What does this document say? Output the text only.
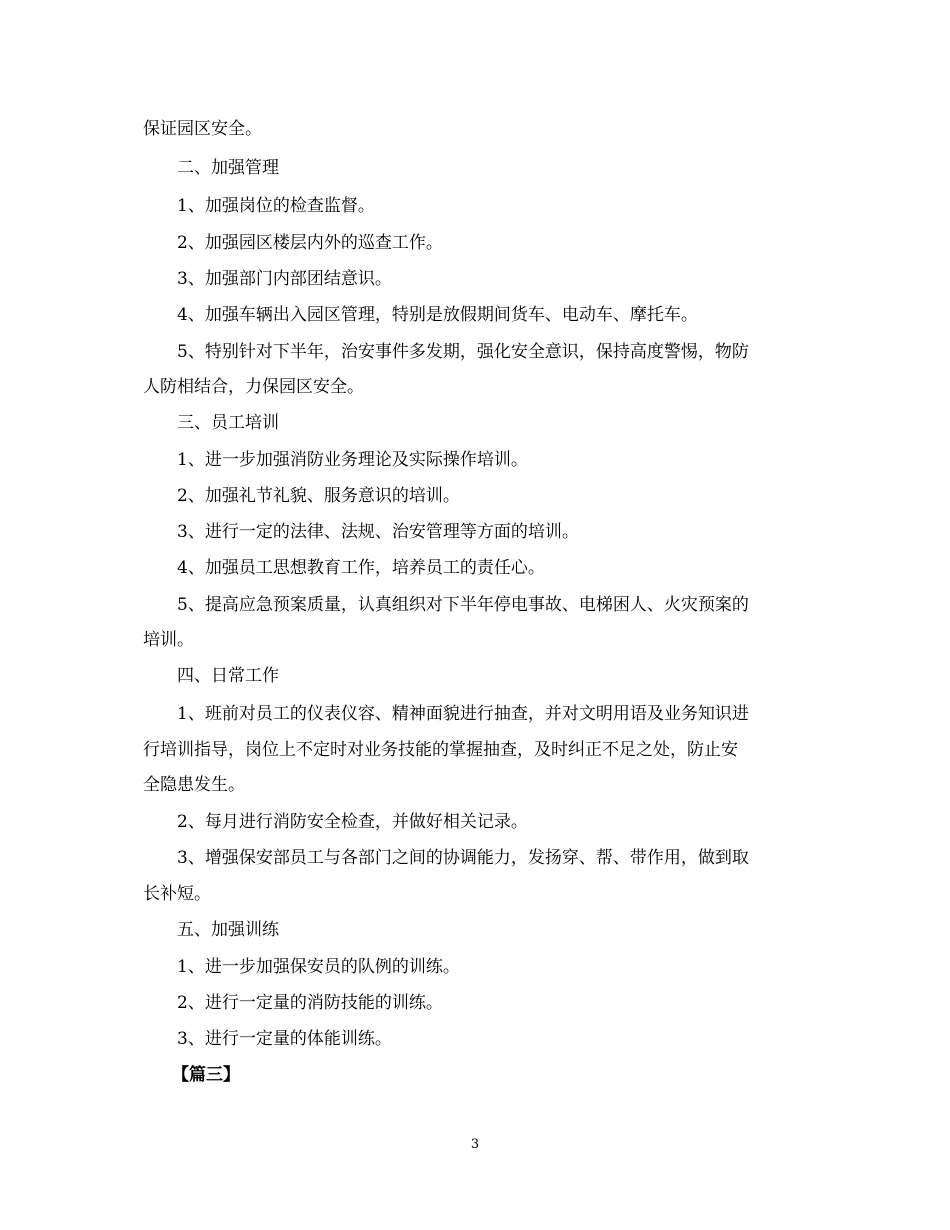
保证园区安全。
二、加强管理
1、加强岗位的检查监督。
2、加强园区楼层内外的巡查工作。
3、加强部门内部团结意识。
4、加强车辆出入园区管理，特别是放假期间货车、电动车、摩托车。
5、特别针对下半年，治安事件多发期，强化安全意识，保持高度警惕，物防
人防相结合，力保园区安全。
三、员工培训
1、进一步加强消防业务理论及实际操作培训。
2、加强礼节礼貌、服务意识的培训。
3、进行一定的法律、法规、治安管理等方面的培训。
4、加强员工思想教育工作，培养员工的责任心。
5、提高应急预案质量，认真组织对下半年停电事故、电梯困人、火灾预案的
培训。
四、日常工作
1、班前对员工的仪表仪容、精神面貌进行抽查，并对文明用语及业务知识进
行培训指导，岗位上不定时对业务技能的掌握抽查，及时纠正不足之处，防止安
全隐患发生。
2、每月进行消防安全检查，并做好相关记录。
3、增强保安部员工与各部门之间的协调能力，发扬穿、帮、带作用，做到取
长补短。
五、加强训练
1、进一步加强保安员的队例的训练。
2、进行一定量的消防技能的训练。
3、进行一定量的体能训练。
【篇三】
3
